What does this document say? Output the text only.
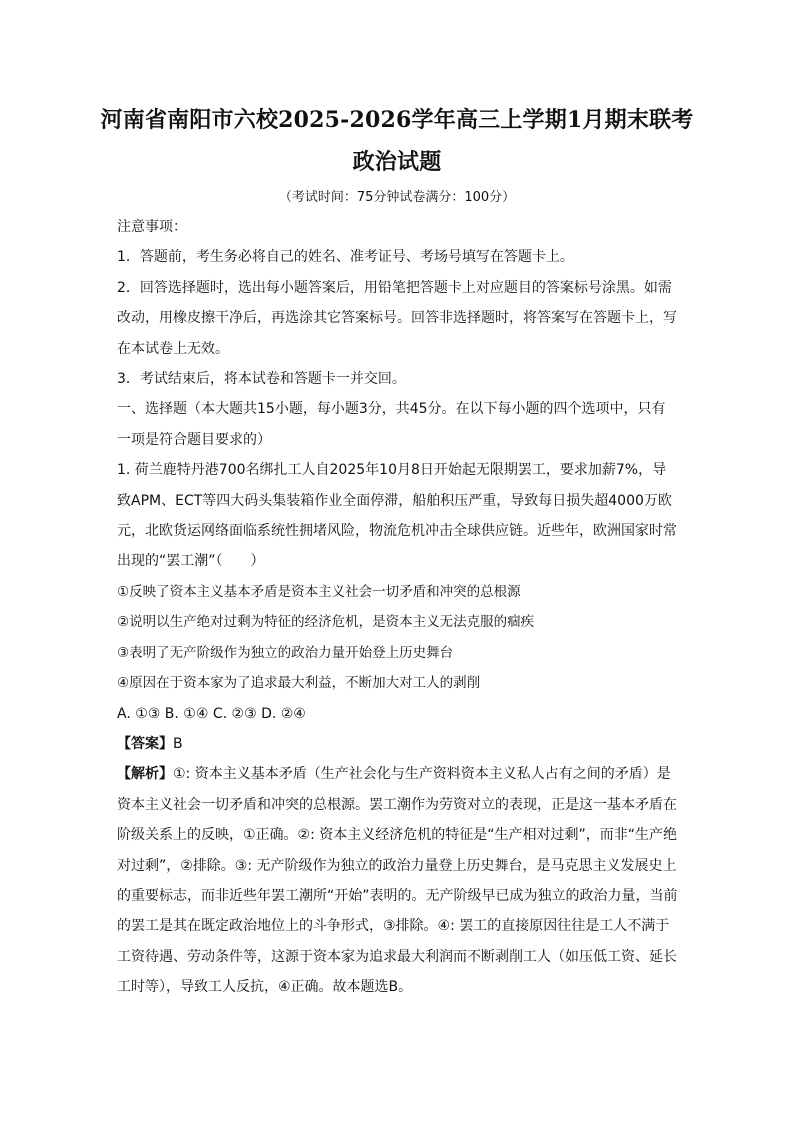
河南省南阳市六校2025-2026学年高三上学期1月期末联考
政治试题
（考试时间：75分钟试卷满分：100分）

注意事项：

1．答题前，考生务必将自己的姓名、准考证号、考场号填写在答题卡上。

2．回答选择题时，选出每小题答案后，用铅笔把答题卡上对应题目的答案标号涂黑。如需改动，用橡皮擦干净后，再选涂其它答案标号。回答非选择题时，将答案写在答题卡上，写在本试卷上无效。

3．考试结束后，将本试卷和答题卡一并交回。

一、选择题（本大题共15小题，每小题3分，共45分。在以下每小题的四个选项中，只有一项是符合题目要求的）

1. 荷兰鹿特丹港700名绑扎工人自2025年10月8日开始起无限期罢工，要求加薪7%，导致APM、ECT等四大码头集装箱作业全面停滞，船舶积压严重，导致每日损失超4000万欧元，北欧货运网络面临系统性拥堵风险，物流危机冲击全球供应链。近些年，欧洲国家时常出现的“罢工潮”（　　）

①反映了资本主义基本矛盾是资本主义社会一切矛盾和冲突的总根源

②说明以生产绝对过剩为特征的经济危机，是资本主义无法克服的痼疾

③表明了无产阶级作为独立的政治力量开始登上历史舞台

④原因在于资本家为了追求最大利益，不断加大对工人的剥削

A. ①③ B. ①④ C. ②③ D. ②④

【答案】B

【解析】①: 资本主义基本矛盾（生产社会化与生产资料资本主义私人占有之间的矛盾）是资本主义社会一切矛盾和冲突的总根源。罢工潮作为劳资对立的表现，正是这一基本矛盾在阶级关系上的反映，①正确。②: 资本主义经济危机的特征是“生产相对过剩”，而非“生产绝对过剩”，②排除。③: 无产阶级作为独立的政治力量登上历史舞台，是马克思主义发展史上的重要标志，而非近些年罢工潮所“开始”表明的。无产阶级早已成为独立的政治力量，当前的罢工是其在既定政治地位上的斗争形式，③排除。④: 罢工的直接原因往往是工人不满于工资待遇、劳动条件等，这源于资本家为追求最大利润而不断剥削工人（如压低工资、延长工时等），导致工人反抗，④正确。故本题选B。
